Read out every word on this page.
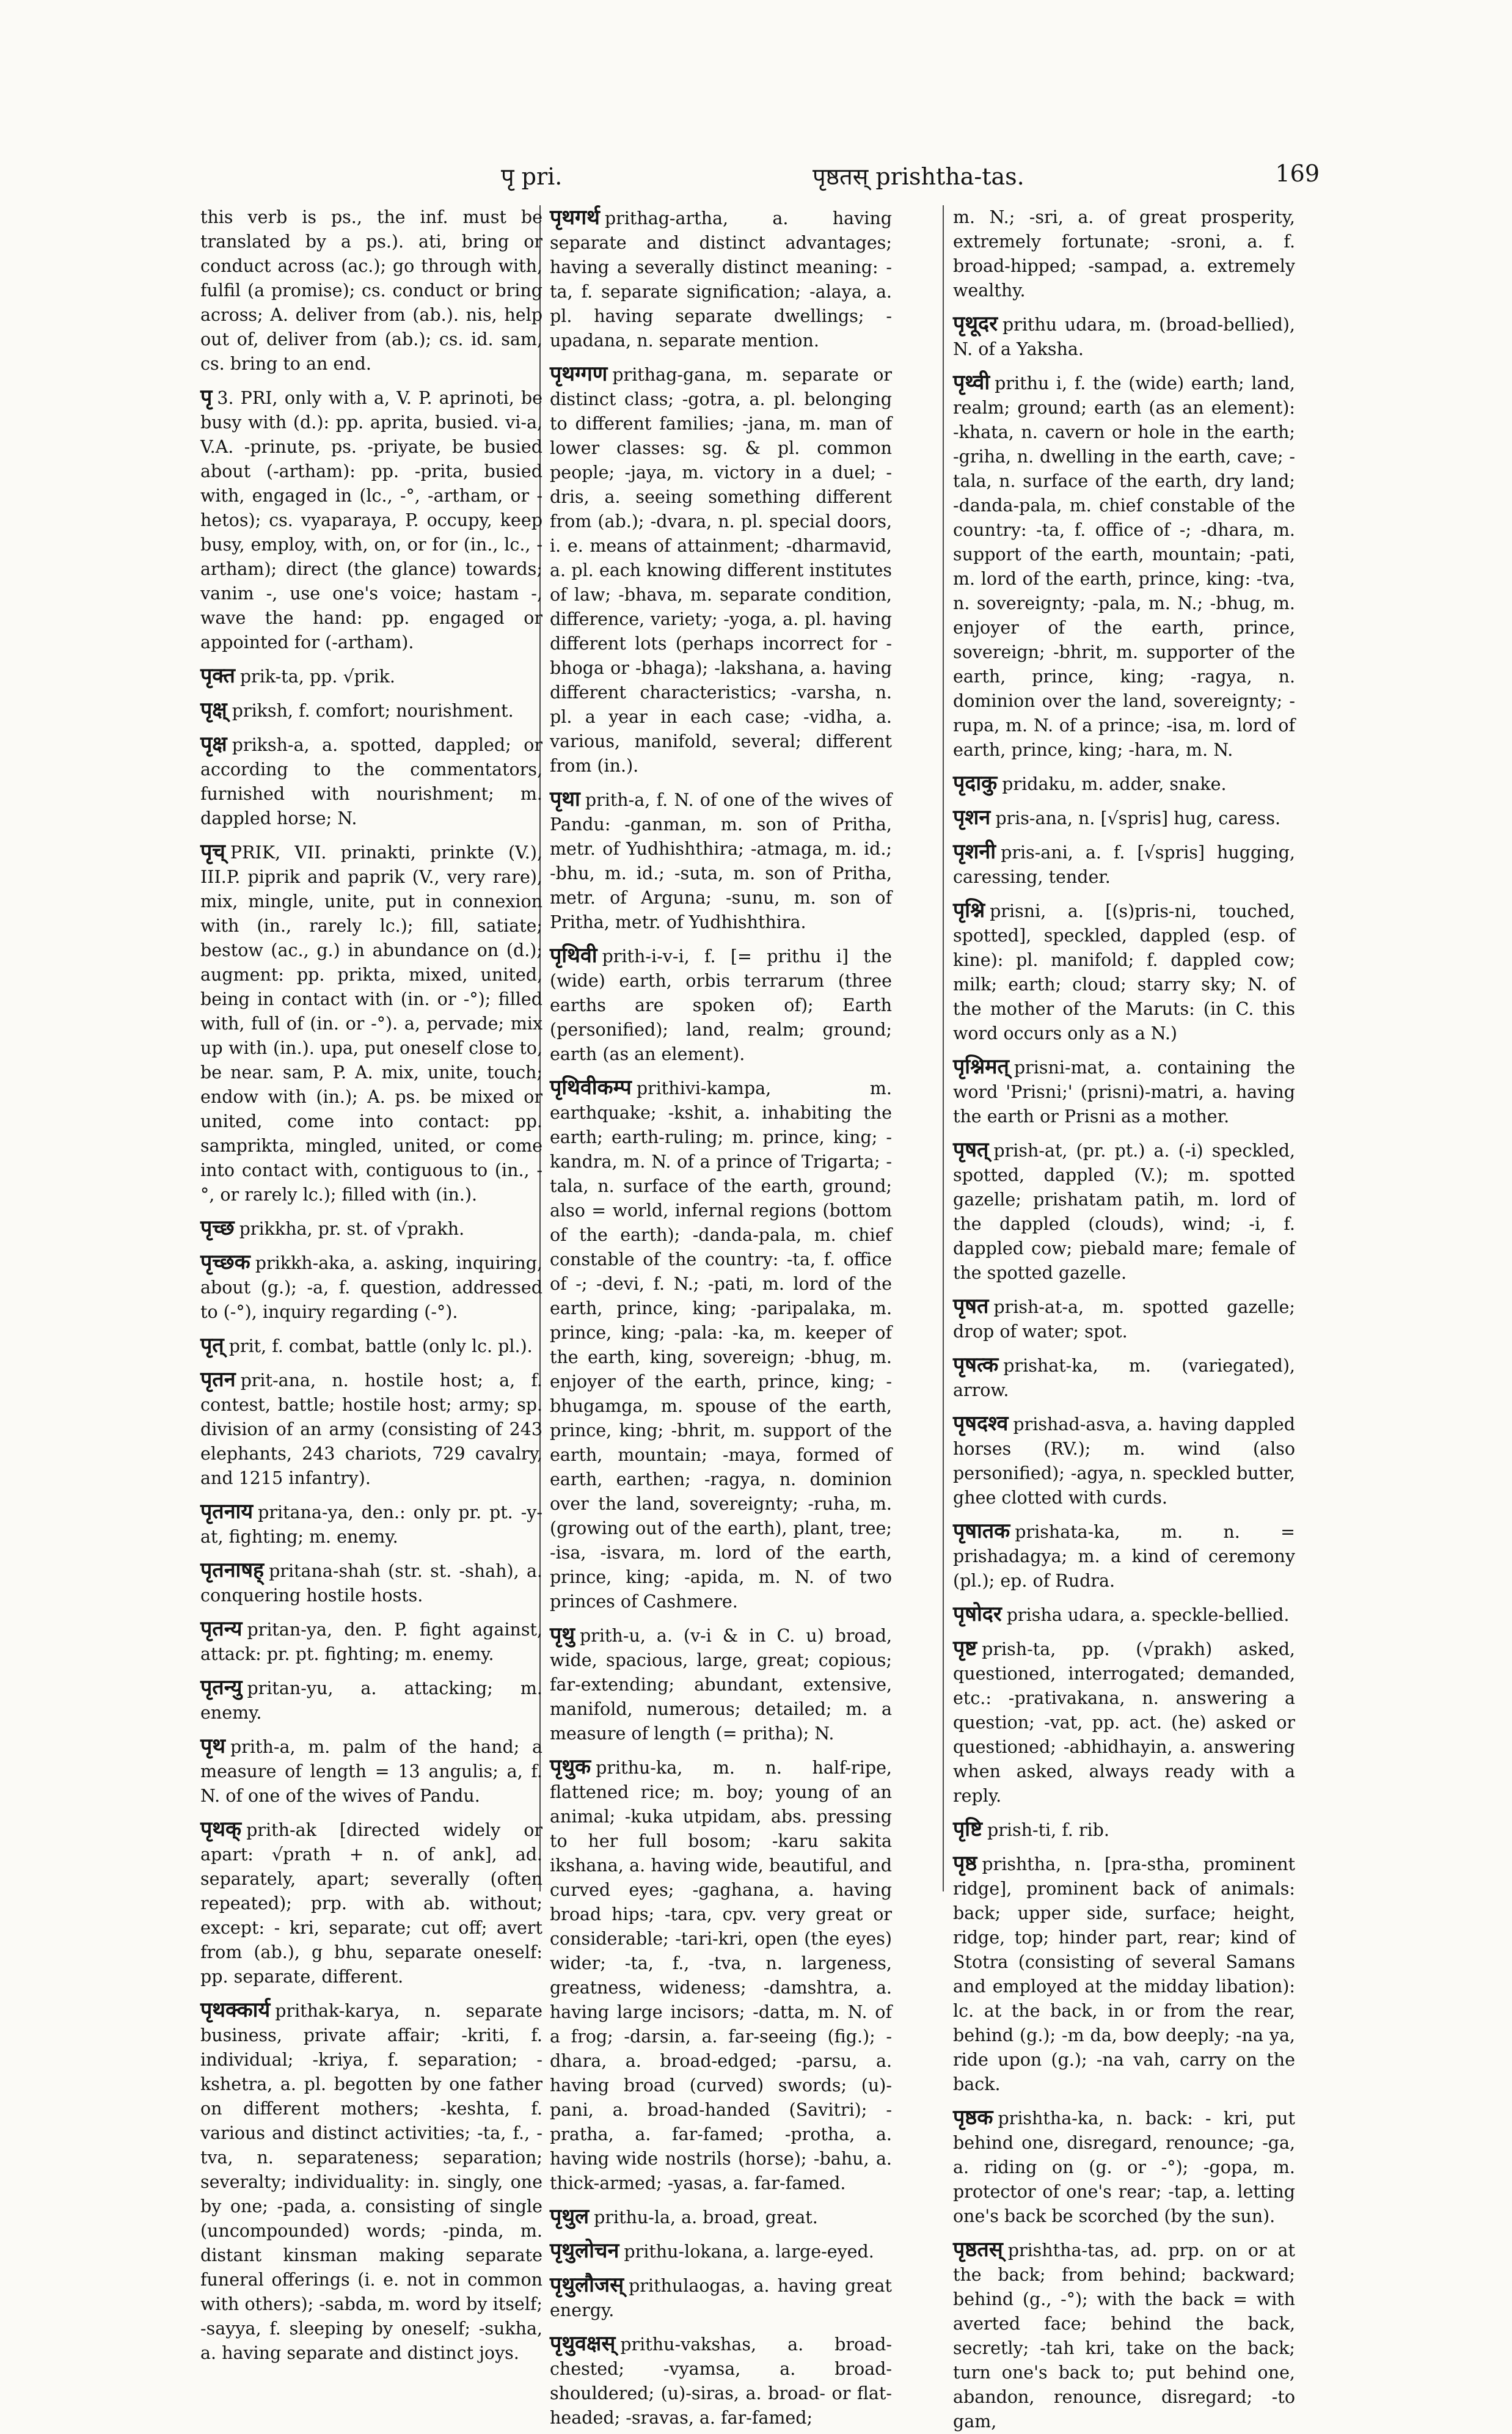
पृ pri.	पृष्ठतस् prishtha-tas.	169

this verb is ps., the inf. must be translated by a ps.). ati, bring or conduct across (ac.); go through with, fulfil (a promise); cs. conduct or bring across; A. deliver from (ab.). nis, help out of, deliver from (ab.); cs. id. sam, cs. bring to an end.

पृ 3. PRI, only with a, V. P. aprinoti, be busy with (d.): pp. aprita, busied. vi-a, V.A. -prinute, ps. -priyate, be busied about (-artham): pp. -prita, busied with, engaged in (lc., -°, -artham, or -hetos); cs. vyaparaya, P. occupy, keep busy, employ, with, on, or for (in., lc., -artham); direct (the glance) towards; vanim -, use one's voice; hastam -, wave the hand: pp. engaged or appointed for (-artham).

पृक्त prik-ta, pp. √prik.

पृक्ष् priksh, f. comfort; nourishment.

पृक्ष priksh-a, a. spotted, dappled; or according to the commentators, furnished with nourishment; m. dappled horse; N.

पृच् PRIK, VII. prinakti, prinkte (V.), III.P. piprik and paprik (V., very rare), mix, mingle, unite, put in connexion with (in., rarely lc.); fill, satiate; bestow (ac., g.) in abundance on (d.); augment: pp. prikta, mixed, united, being in contact with (in. or -°); filled with, full of (in. or -°). a, pervade; mix up with (in.). upa, put oneself close to, be near. sam, P. A. mix, unite, touch; endow with (in.); A. ps. be mixed or united, come into contact: pp. samprikta, mingled, united, or come into contact with, contiguous to (in., -°, or rarely lc.); filled with (in.).

पृच्छ prikkha, pr. st. of √prakh.

पृच्छक prikkh-aka, a. asking, inquiring, about (g.); -a, f. question, addressed to (-°), inquiry regarding (-°).

पृत् prit, f. combat, battle (only lc. pl.).

पृतन prit-ana, n. hostile host; a, f. contest, battle; hostile host; army; sp. division of an army (consisting of 243 elephants, 243 chariots, 729 cavalry, and 1215 infantry).

पृतनाय pritana-ya, den.: only pr. pt. -y-at, fighting; m. enemy.

पृतनाषह् pritana-shah (str. st. -shah), a. conquering hostile hosts.

पृतन्य pritan-ya, den. P. fight against, attack: pr. pt. fighting; m. enemy.

पृतन्यु pritan-yu, a. attacking; m. enemy.

पृथ prith-a, m. palm of the hand; a measure of length = 13 angulis; a, f. N. of one of the wives of Pandu.

पृथक् prith-ak [directed widely or apart: √prath + n. of ank], ad. separately, apart; severally (often repeated); prp. with ab. without; except: - kri, separate; cut off; avert from (ab.), g bhu, separate oneself: pp. separate, different.

पृथक्कार्य prithak-karya, n. separate business, private affair; -kriti, f. individual; -kriya, f. separation; -kshetra, a. pl. begotten by one father on different mothers; -keshta, f. various and distinct activities; -ta, f., -tva, n. separateness; separation; severalty; individuality: in. singly, one by one; -pada, a. consisting of single (uncompounded) words; -pinda, m. distant kinsman making separate funeral offerings (i. e. not in common with others); -sabda, m. word by itself; -sayya, f. sleeping by oneself; -sukha, a. having separate and distinct joys.

पृथगर्थ prithag-artha, a. having separate and distinct advantages; having a severally distinct meaning: -ta, f. separate signification; -alaya, a. pl. having separate dwellings; -upadana, n. separate mention.

पृथग्गण prithag-gana, m. separate or distinct class; -gotra, a. pl. belonging to different families; -jana, m. man of lower classes: sg. & pl. common people; -jaya, m. victory in a duel; -dris, a. seeing something different from (ab.); -dvara, n. pl. special doors, i. e. means of attainment; -dharmavid, a. pl. each knowing different institutes of law; -bhava, m. separate condition, difference, variety; -yoga, a. pl. having different lots (perhaps incorrect for -bhoga or -bhaga); -lakshana, a. having different characteristics; -varsha, n. pl. a year in each case; -vidha, a. various, manifold, several; different from (in.).

पृथा prith-a, f. N. of one of the wives of Pandu: -ganman, m. son of Pritha, metr. of Yudhishthira; -atmaga, m. id.; -bhu, m. id.; -suta, m. son of Pritha, metr. of Arguna; -sunu, m. son of Pritha, metr. of Yudhishthira.

पृथिवी prith-i-v-i, f. [= prithu i] the (wide) earth, orbis terrarum (three earths are spoken of); Earth (personified); land, realm; ground; earth (as an element).

पृथिवीकम्प prithivi-kampa, m. earthquake; -kshit, a. inhabiting the earth; earth-ruling; m. prince, king; -kandra, m. N. of a prince of Trigarta; -tala, n. surface of the earth, ground; also = world, infernal regions (bottom of the earth); -danda-pala, m. chief constable of the country: -ta, f. office of -; -devi, f. N.; -pati, m. lord of the earth, prince, king; -paripalaka, m. prince, king; -pala: -ka, m. keeper of the earth, king, sovereign; -bhug, m. enjoyer of the earth, prince, king; -bhugamga, m. spouse of the earth, prince, king; -bhrit, m. support of the earth, mountain; -maya, formed of earth, earthen; -ragya, n. dominion over the land, sovereignty; -ruha, m. (growing out of the earth), plant, tree; -isa, -isvara, m. lord of the earth, prince, king; -apida, m. N. of two princes of Cashmere.

पृथु prith-u, a. (v-i & in C. u) broad, wide, spacious, large, great; copious; far-extending; abundant, extensive, manifold, numerous; detailed; m. a measure of length (= pritha); N.

पृथुक prithu-ka, m. n. half-ripe, flattened rice; m. boy; young of an animal; -kuka utpidam, abs. pressing to her full bosom; -karu sakita ikshana, a. having wide, beautiful, and curved eyes; -gaghana, a. having broad hips; -tara, cpv. very great or considerable; -tari-kri, open (the eyes) wider; -ta, f., -tva, n. largeness, greatness, wideness; -damshtra, a. having large incisors; -datta, m. N. of a frog; -darsin, a. far-seeing (fig.); -dhara, a. broad-edged; -parsu, a. having broad (curved) swords; (u)-pani, a. broad-handed (Savitri); -pratha, a. far-famed; -protha, a. having wide nostrils (horse); -bahu, a. thick-armed; -yasas, a. far-famed.

पृथुल prithu-la, a. broad, great.

पृथुलोचन prithu-lokana, a. large-eyed.

पृथुलौजस् prithulaogas, a. having great energy.

पृथुवक्षस् prithu-vakshas, a. broad-chested; -vyamsa, a. broad-shouldered; (u)-siras, a. broad- or flat-headed; -sravas, a. far-famed;

m. N.; -sri, a. of great prosperity, extremely fortunate; -sroni, a. f. broad-hipped; -sampad, a. extremely wealthy.

पृथूदर prithu udara, m. (broad-bellied), N. of a Yaksha.

पृथ्वी prithu i, f. the (wide) earth; land, realm; ground; earth (as an element): -khata, n. cavern or hole in the earth; -griha, n. dwelling in the earth, cave; -tala, n. surface of the earth, dry land; -danda-pala, m. chief constable of the country: -ta, f. office of -; -dhara, m. support of the earth, mountain; -pati, m. lord of the earth, prince, king: -tva, n. sovereignty; -pala, m. N.; -bhug, m. enjoyer of the earth, prince, sovereign; -bhrit, m. supporter of the earth, prince, king; -ragya, n. dominion over the land, sovereignty; -rupa, m. N. of a prince; -isa, m. lord of earth, prince, king; -hara, m. N.

पृदाकु pridaku, m. adder, snake.

पृशन pris-ana, n. [√spris] hug, caress.

पृशनी pris-ani, a. f. [√spris] hugging, caressing, tender.

पृश्नि prisni, a. [(s)pris-ni, touched, spotted], speckled, dappled (esp. of kine): pl. manifold; f. dappled cow; milk; earth; cloud; starry sky; N. of the mother of the Maruts: (in C. this word occurs only as a N.)

पृश्निमत् prisni-mat, a. containing the word 'Prisni;' (prisni)-matri, a. having the earth or Prisni as a mother.

पृषत् prish-at, (pr. pt.) a. (-i) speckled, spotted, dappled (V.); m. spotted gazelle; prishatam patih, m. lord of the dappled (clouds), wind; -i, f. dappled cow; piebald mare; female of the spotted gazelle.

पृषत prish-at-a, m. spotted gazelle; drop of water; spot.

पृषत्क prishat-ka, m. (variegated), arrow.

पृषदश्व prishad-asva, a. having dappled horses (RV.); m. wind (also personified); -agya, n. speckled butter, ghee clotted with curds.

पृषातक prishata-ka, m. n. = prishadagya; m. a kind of ceremony (pl.); ep. of Rudra.

पृषोदर prisha udara, a. speckle-bellied.

पृष्ट prish-ta, pp. (√prakh) asked, questioned, interrogated; demanded, etc.: -prativakana, n. answering a question; -vat, pp. act. (he) asked or questioned; -abhidhayin, a. answering when asked, always ready with a reply.

पृष्टि prish-ti, f. rib.

पृष्ठ prishtha, n. [pra-stha, prominent ridge], prominent back of animals: back; upper side, surface; height, ridge, top; hinder part, rear; kind of Stotra (consisting of several Samans and employed at the midday libation): lc. at the back, in or from the rear, behind (g.); -m da, bow deeply; -na ya, ride upon (g.); -na vah, carry on the back.

पृष्ठक prishtha-ka, n. back: - kri, put behind one, disregard, renounce; -ga, a. riding on (g. or -°); -gopa, m. protector of one's rear; -tap, a. letting one's back be scorched (by the sun).

पृष्ठतस् prishtha-tas, ad. prp. on or at the back; from behind; backward; behind (g., -°); with the back = with averted face; behind the back, secretly; -tah kri, take on the back; turn one's back to; put behind one, abandon, renounce, disregard; -to gam,
